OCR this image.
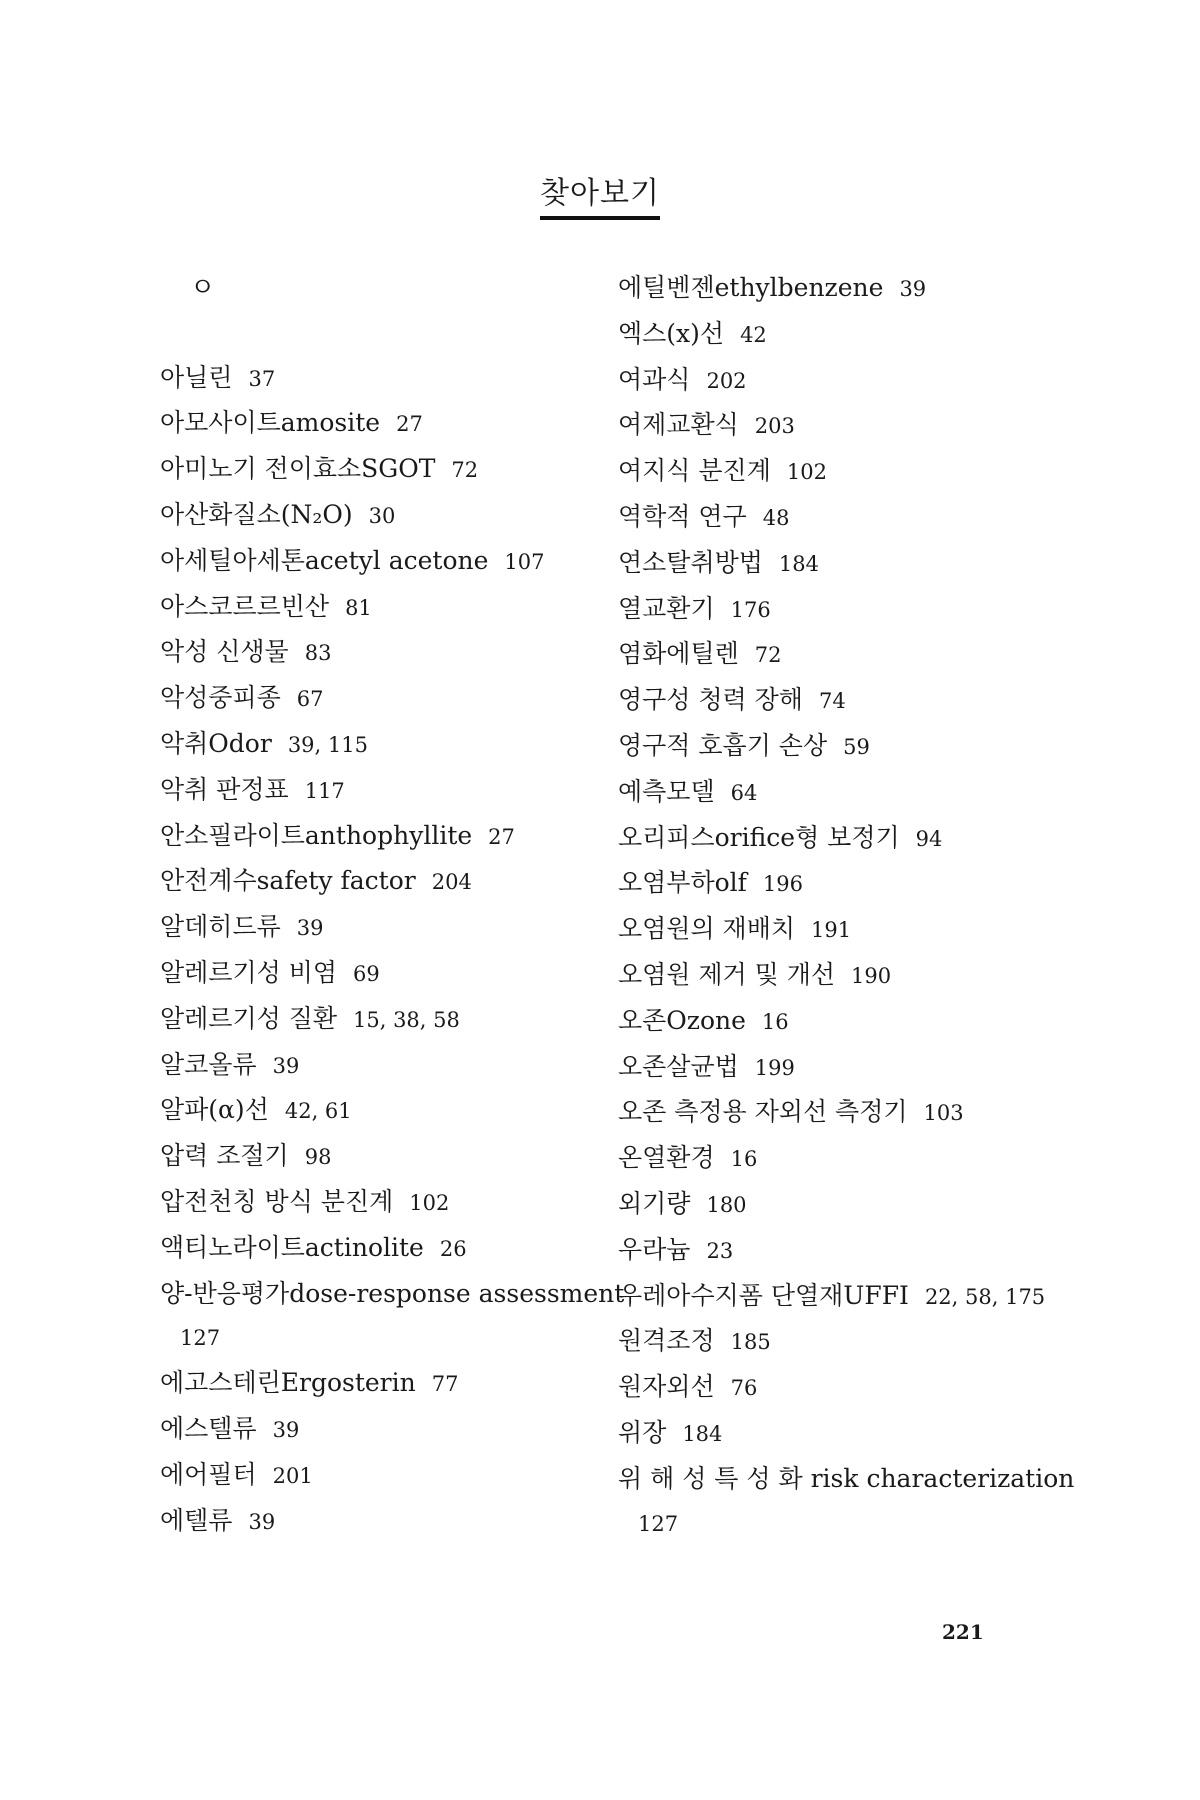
찾아보기
ㅇ
아닐린 37
아모사이트amosite 27
아미노기 전이효소SGOT 72
아산화질소(N₂O) 30
아세틸아세톤acetyl acetone 107
아스코르르빈산 81
악성 신생물 83
악성중피종 67
악취Odor 39, 115
악취 판정표 117
안소필라이트anthophyllite 27
안전계수safety factor 204
알데히드류 39
알레르기성 비염 69
알레르기성 질환 15, 38, 58
알코올류 39
알파(α)선 42, 61
압력 조절기 98
압전천칭 방식 분진계 102
액티노라이트actinolite 26
양-반응평가dose-response assessment
127
에고스테린Ergosterin 77
에스텔류 39
에어필터 201
에텔류 39
에틸벤젠ethylbenzene 39
엑스(x)선 42
여과식 202
여제교환식 203
여지식 분진계 102
역학적 연구 48
연소탈취방법 184
열교환기 176
염화에틸렌 72
영구성 청력 장해 74
영구적 호흡기 손상 59
예측모델 64
오리피스orifice형 보정기 94
오염부하olf 196
오염원의 재배치 191
오염원 제거 및 개선 190
오존Ozone 16
오존살균법 199
오존 측정용 자외선 측정기 103
온열환경 16
외기량 180
우라늄 23
우레아수지폼 단열재UFFI 22, 58, 175
원격조정 185
원자외선 76
위장 184
위 해 성 특 성 화 risk characterization
127
221
